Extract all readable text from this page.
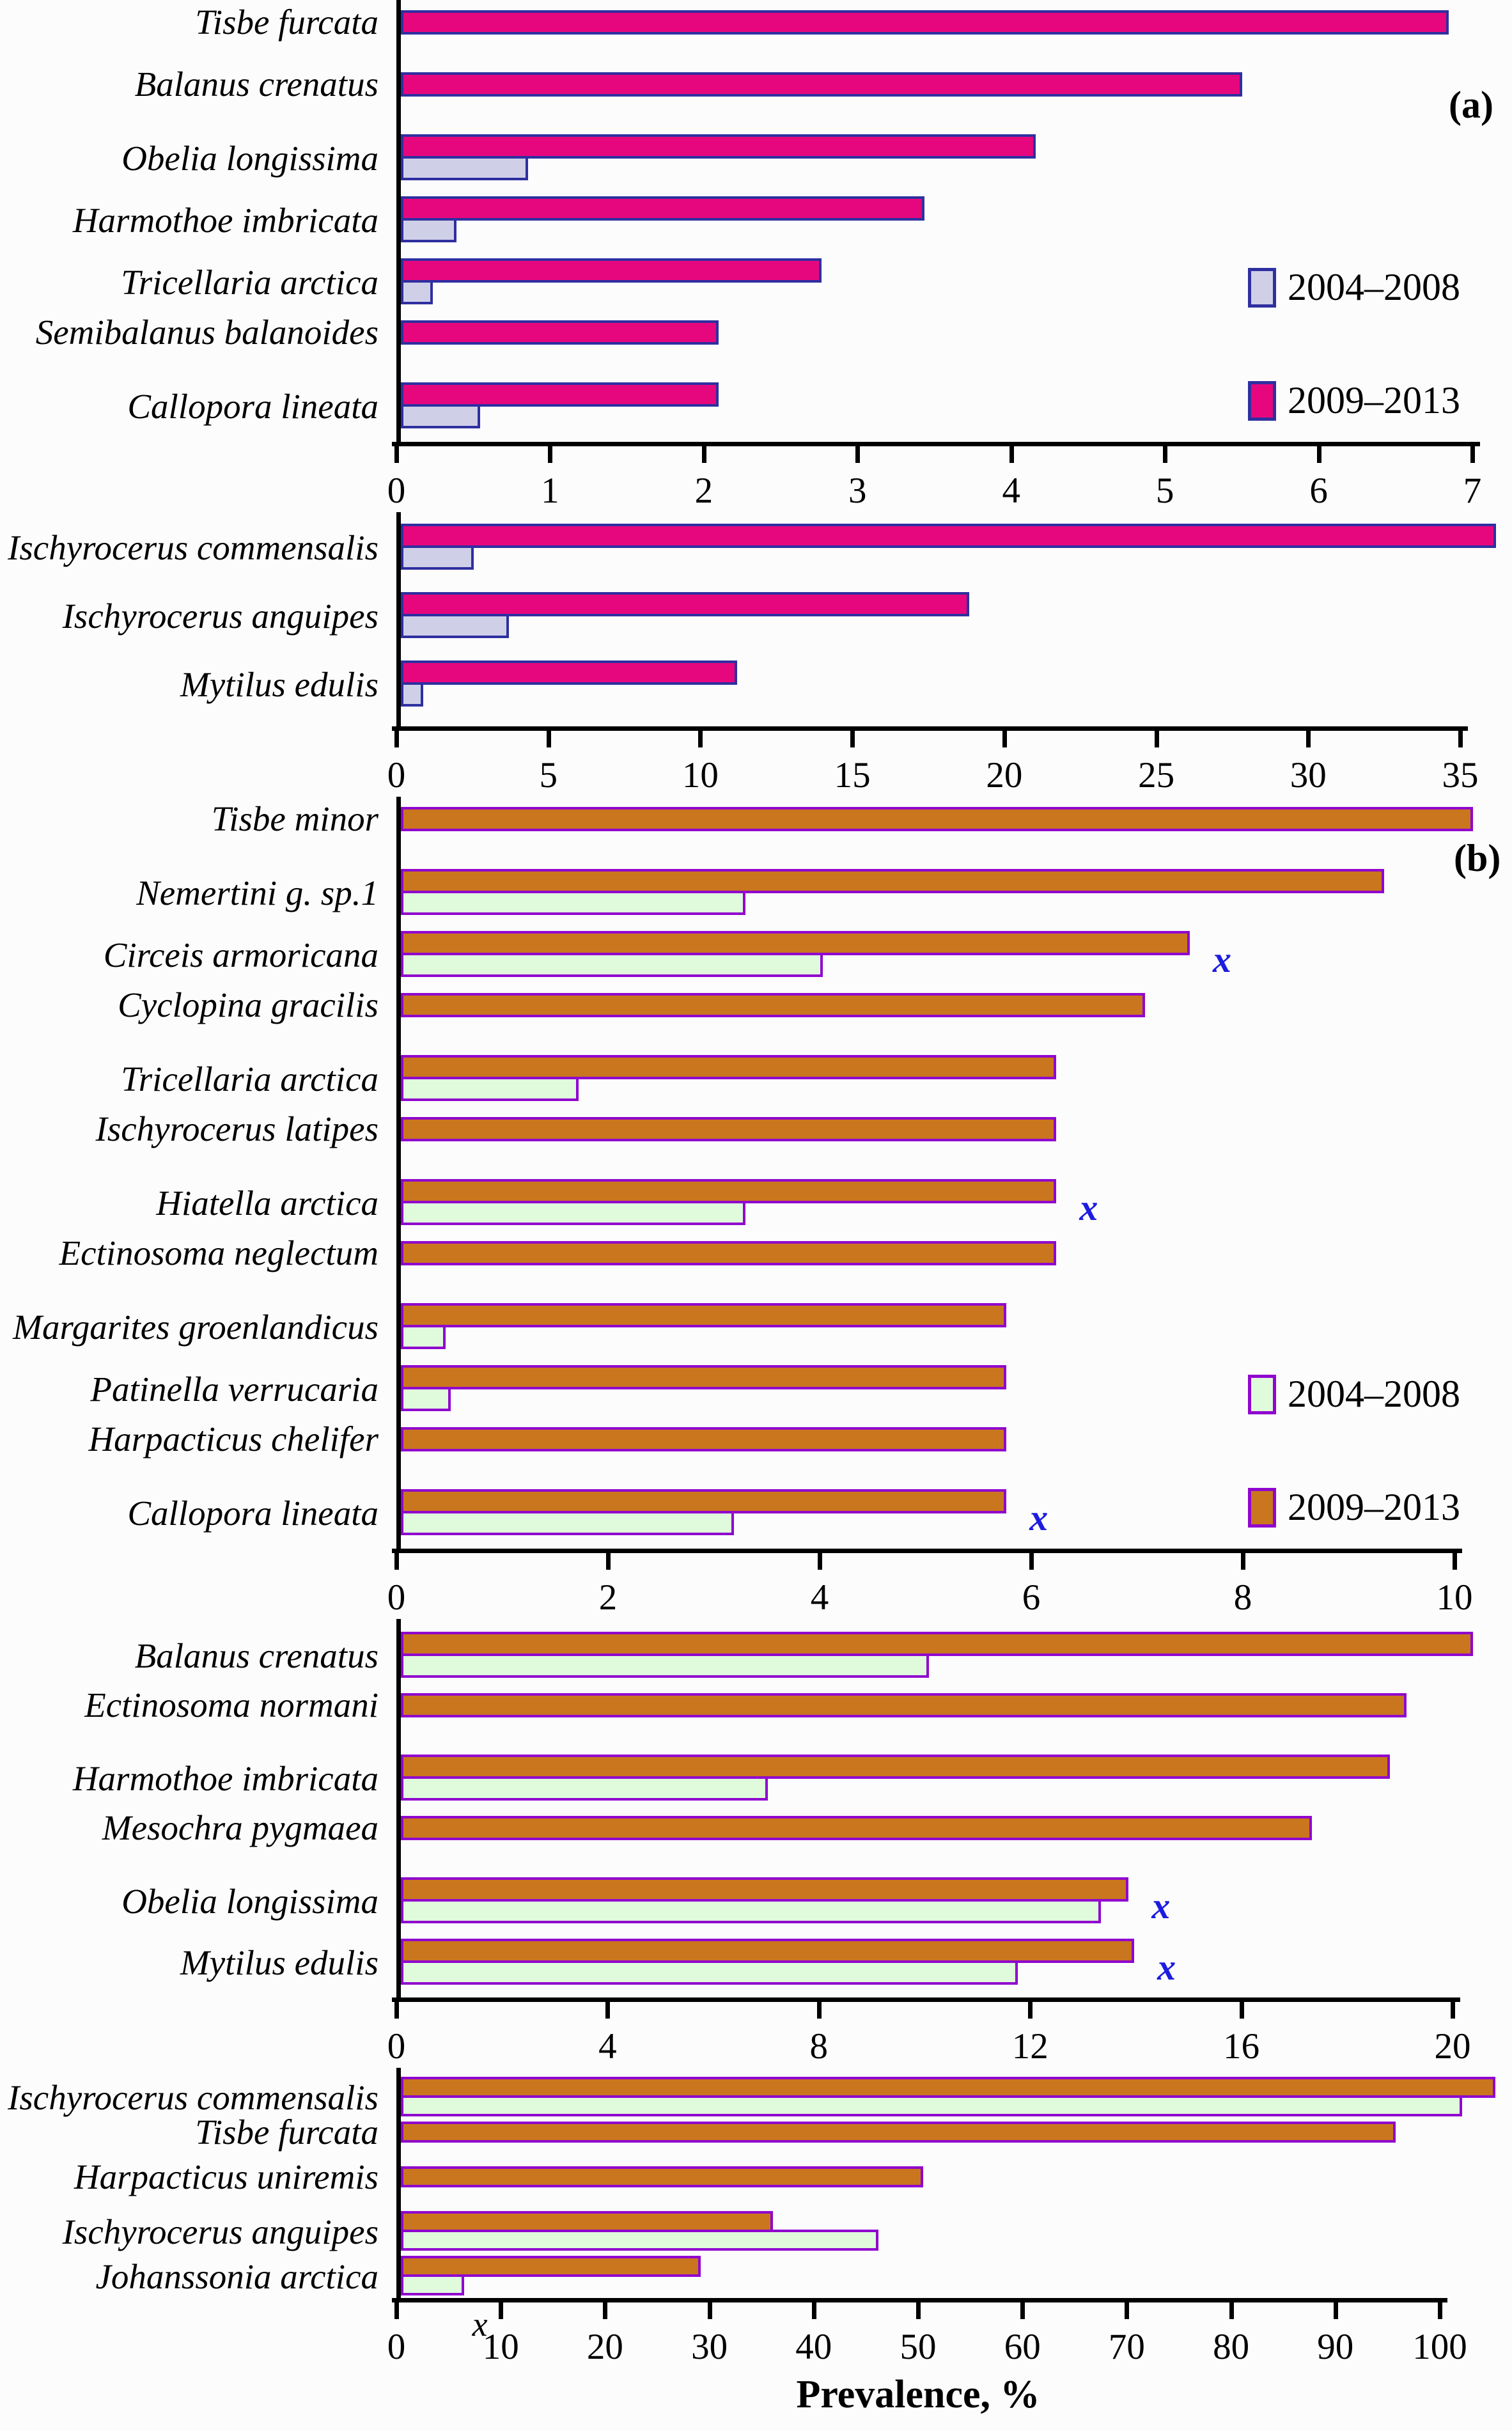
Tisbe furcata
Balanus crenatus
Obelia longissima
Harmothoe imbricata
Tricellaria arctica
Semibalanus balanoides
Callopora lineata
0	1	2	3	4	5	6	7
(a)
2004–2008
2009–2013
Ischyrocerus commensalis
Ischyrocerus anguipes
Mytilus edulis
0	5	10	15	20	25	30	35
Tisbe minor
Nemertini g. sp.1
x
Circeis armoricana
Cyclopina gracilis
Tricellaria arctica
Ischyrocerus latipes
x
Hiatella arctica
Ectinosoma neglectum
Margarites groenlandicus
Patinella verrucaria
Harpacticus chelifer
x
Callopora lineata
0	2	4	6	8	10
(b)
2004–2008
2009–2013
Balanus crenatus
Ectinosoma normani
Harmothoe imbricata
Mesochra pygmaea
x
Obelia longissima
x
Mytilus edulis
0	4	8	12	16	20
Ischyrocerus commensalis
Tisbe furcata
Harpacticus uniremis
Ischyrocerus anguipes
Johanssonia arctica
0 10 20 30 40 50 60 70 80 90 100
x
Prevalence, %
